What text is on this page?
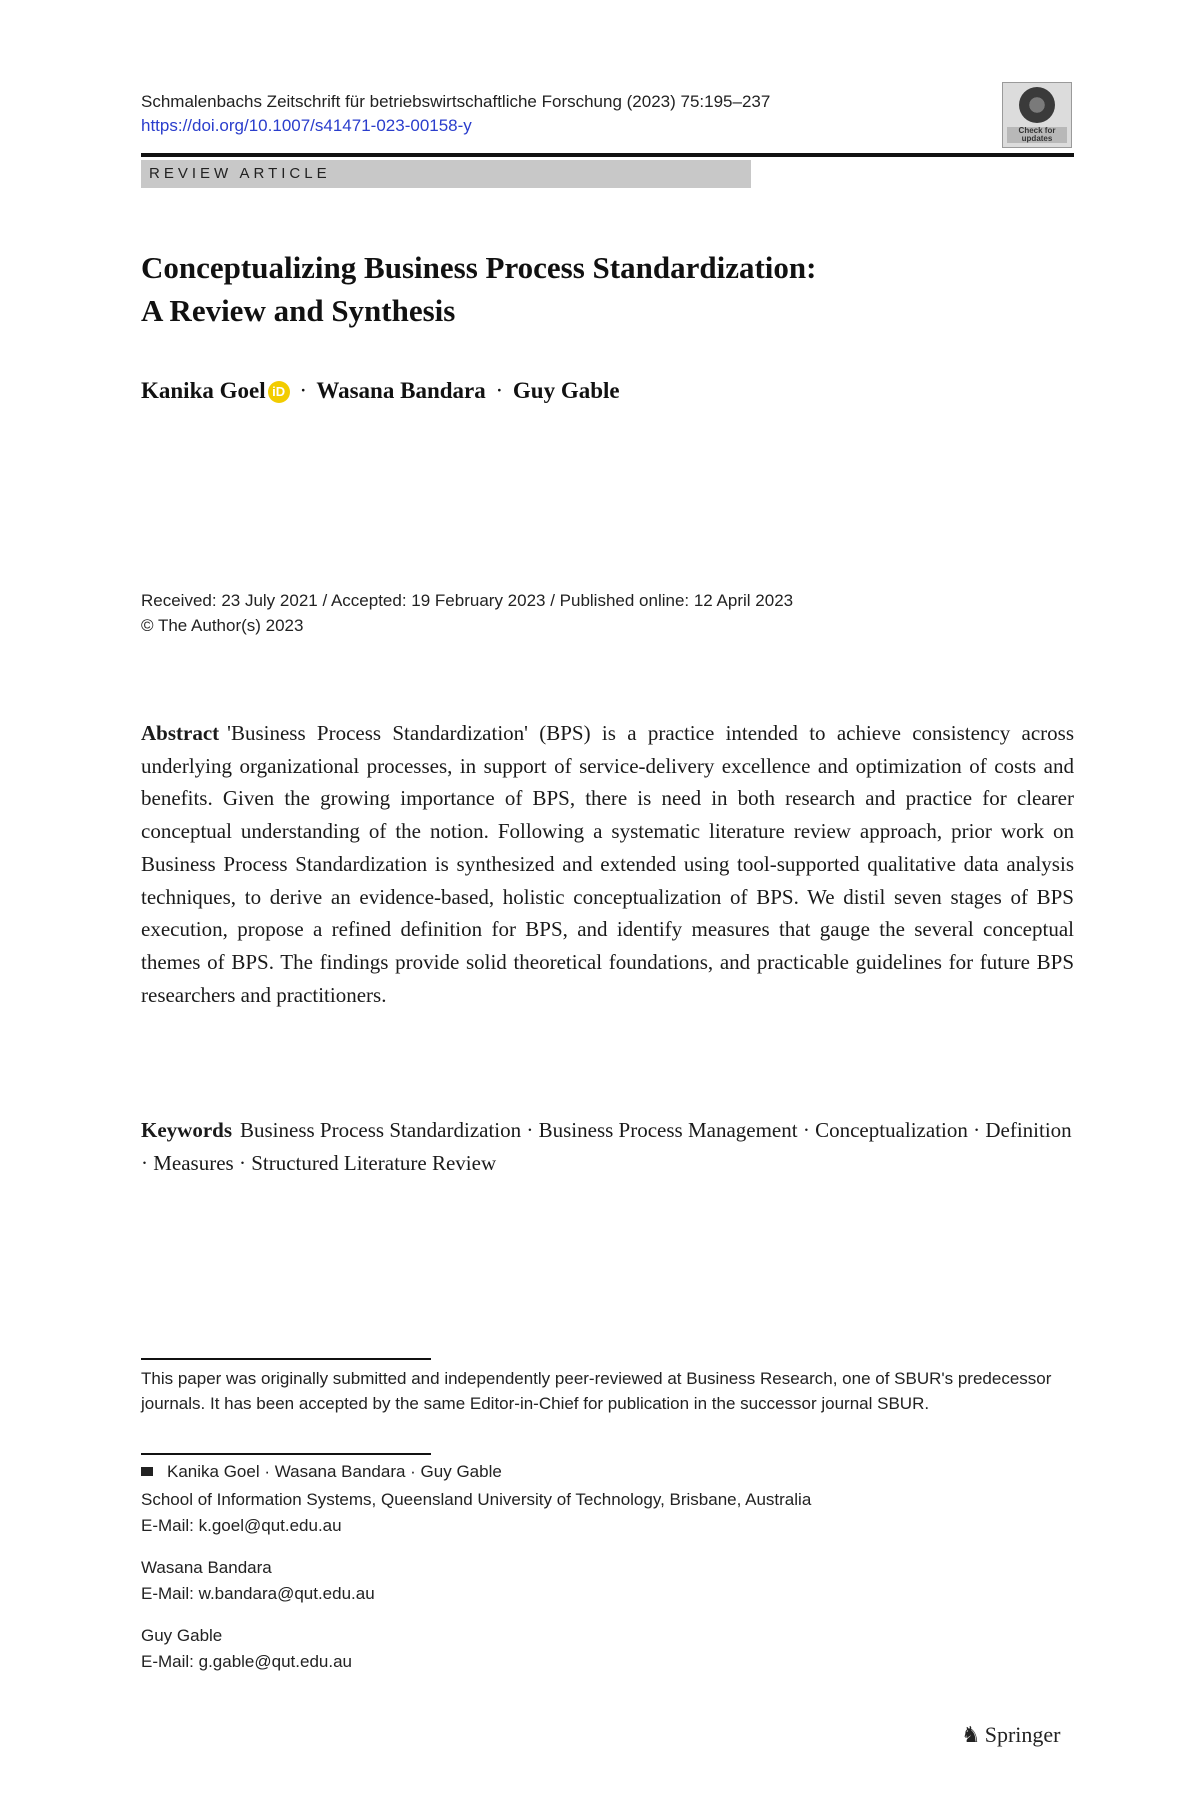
Schmalenbachs Zeitschrift für betriebswirtschaftliche Forschung (2023) 75:195–237
https://doi.org/10.1007/s41471-023-00158-y	Check for updates
REVIEW ARTICLE
Conceptualizing Business Process Standardization:
A Review and Synthesis
Kanika Goel iD · Wasana Bandara · Guy Gable
Received: 23 July 2021 / Accepted: 19 February 2023 / Published online: 12 April 2023
© The Author(s) 2023

Abstract 'Business Process Standardization' (BPS) is a practice intended to achieve consistency across underlying organizational processes, in support of service-delivery excellence and optimization of costs and benefits. Given the growing importance of BPS, there is need in both research and practice for clearer conceptual understanding of the notion. Following a systematic literature review approach, prior work on Business Process Standardization is synthesized and extended using tool-supported qualitative data analysis techniques, to derive an evidence-based, holistic conceptualization of BPS. We distil seven stages of BPS execution, propose a refined definition for BPS, and identify measures that gauge the several conceptual themes of BPS. The findings provide solid theoretical foundations, and practicable guidelines for future BPS researchers and practitioners.

Keywords Business Process Standardization · Business Process Management · Conceptualization · Definition · Measures · Structured Literature Review

This paper was originally submitted and independently peer-reviewed at Business Research, one of SBUR's predecessor journals. It has been accepted by the same Editor-in-Chief for publication in the successor journal SBUR.

Kanika Goel · Wasana Bandara · Guy Gable
School of Information Systems, Queensland University of Technology, Brisbane, Australia
E-Mail: k.goel@qut.edu.au
Wasana Bandara
E-Mail: w.bandara@qut.edu.au
Guy Gable
E-Mail: g.gable@qut.edu.au
♞ Springer
